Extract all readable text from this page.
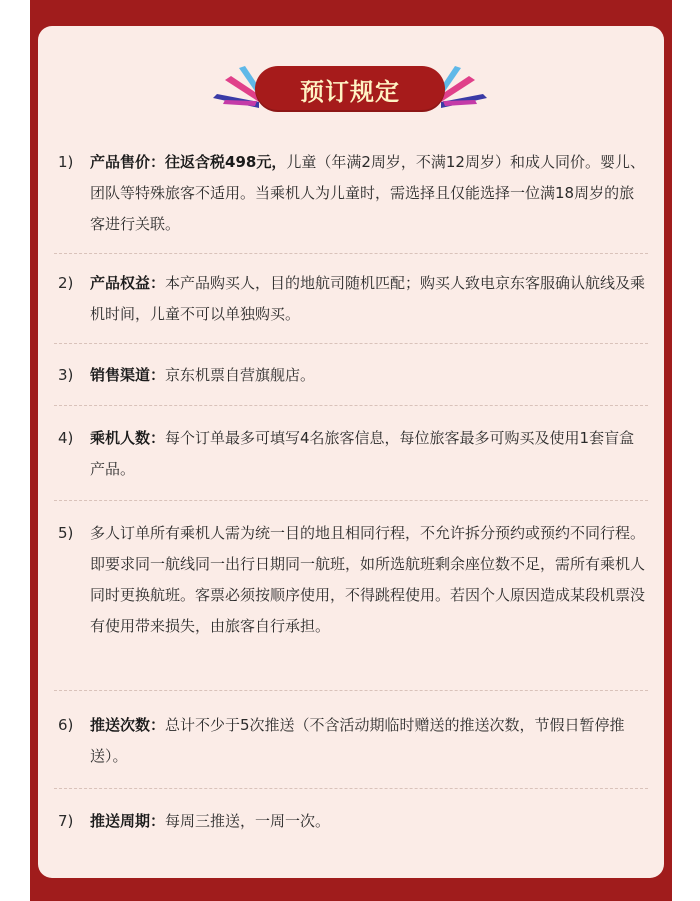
预订规定
1)	产品售价：往返含税498元，儿童（年满2周岁，不满12周岁）和成人同价。婴儿、团队等特殊旅客不适用。当乘机人为儿童时，需选择且仅能选择一位满18周岁的旅客进行关联。
2)	产品权益：本产品购买人，目的地航司随机匹配；购买人致电京东客服确认航线及乘机时间，儿童不可以单独购买。
3)	销售渠道：京东机票自营旗舰店。
4)	乘机人数：每个订单最多可填写4名旅客信息，每位旅客最多可购买及使用1套盲盒产品。
5)	多人订单所有乘机人需为统一目的地且相同行程，不允许拆分预约或预约不同行程。即要求同一航线同一出行日期同一航班，如所选航班剩余座位数不足，需所有乘机人同时更换航班。客票必须按顺序使用，不得跳程使用。若因个人原因造成某段机票没有使用带来损失，由旅客自行承担。
6)	推送次数：总计不少于5次推送（不含活动期临时赠送的推送次数，节假日暂停推送）。
7)	推送周期：每周三推送，一周一次。
